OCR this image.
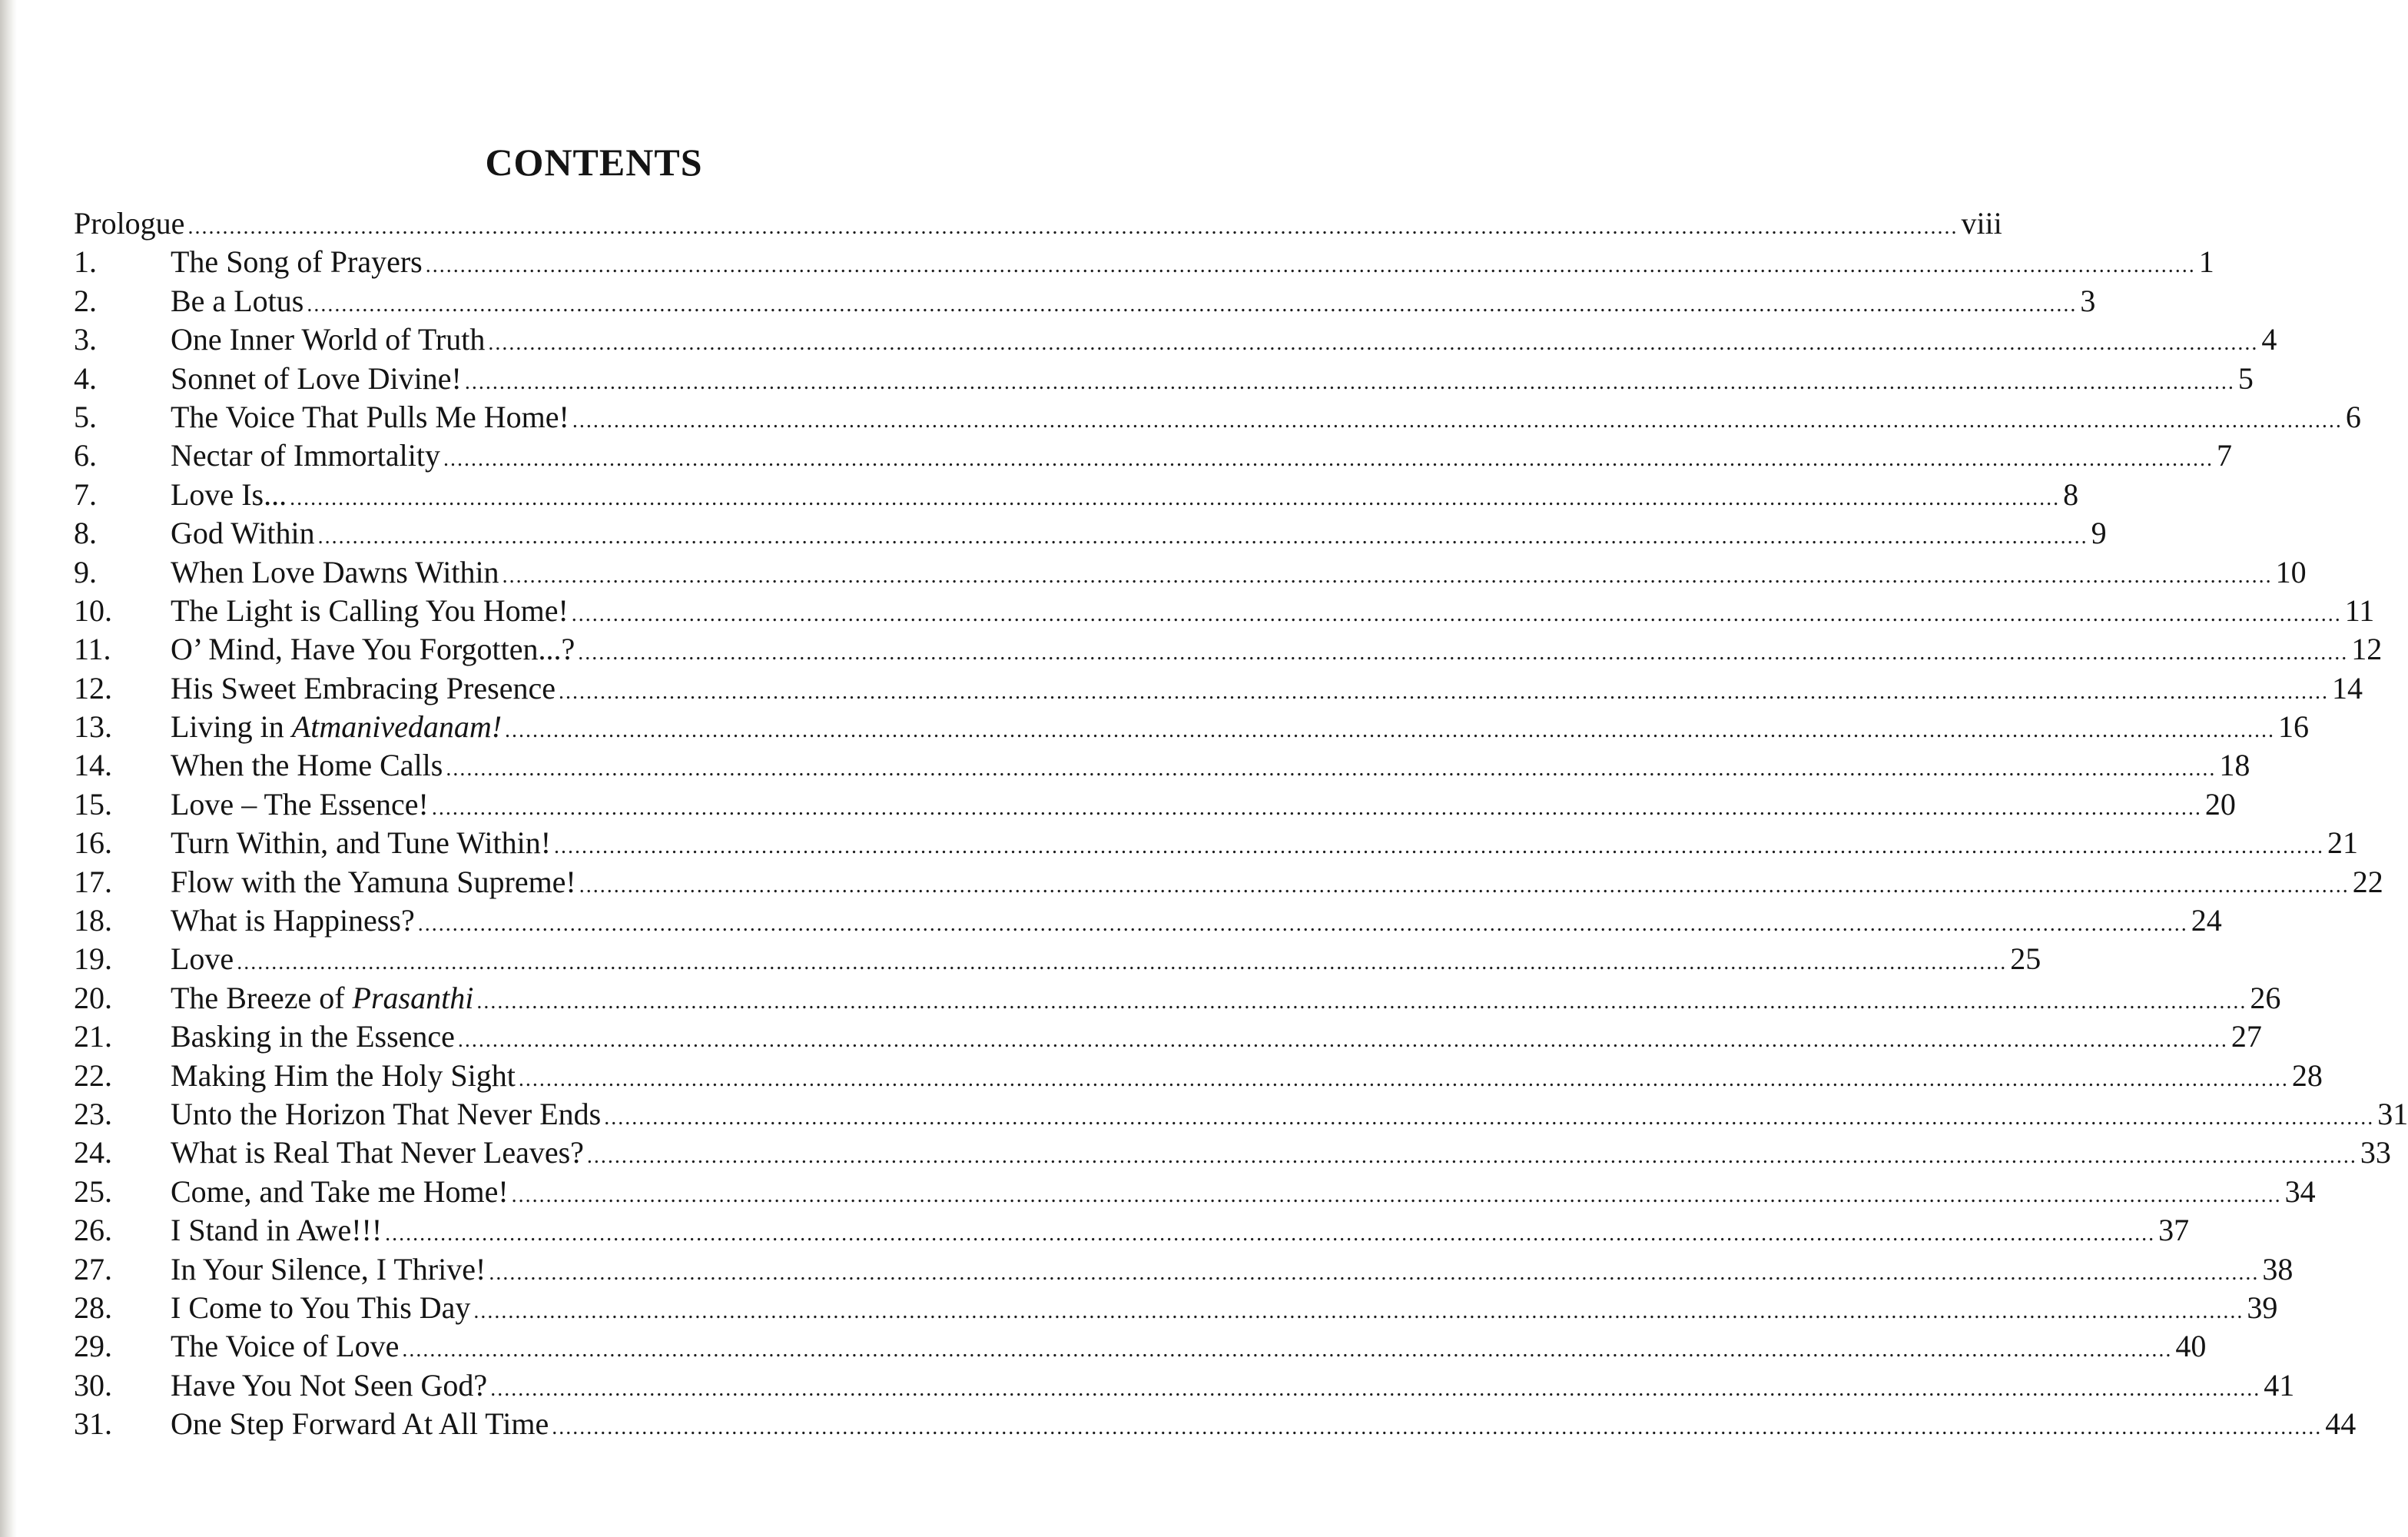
CONTENTS
Prologue ................................................................................................................................................................................................................................................................ viii
1.	The Song of Prayers ................................................................................................................................................................................................................................................................ 1
2.	Be a Lotus ................................................................................................................................................................................................................................................................ 3
3.	One Inner World of Truth ................................................................................................................................................................................................................................................................ 4
4.	Sonnet of Love Divine! ................................................................................................................................................................................................................................................................ 5
5.	The Voice That Pulls Me Home! ................................................................................................................................................................................................................................................................ 6
6.	Nectar of Immortality ................................................................................................................................................................................................................................................................ 7
7.	Love Is... ................................................................................................................................................................................................................................................................ 8
8.	God Within ................................................................................................................................................................................................................................................................ 9
9.	When Love Dawns Within ................................................................................................................................................................................................................................................................ 10
10.	The Light is Calling You Home! ................................................................................................................................................................................................................................................................ 11
11.	O’ Mind, Have You Forgotten...? ................................................................................................................................................................................................................................................................ 12
12.	His Sweet Embracing Presence ................................................................................................................................................................................................................................................................ 14
13.	Living in Atmanivedanam! ................................................................................................................................................................................................................................................................ 16
14.	When the Home Calls ................................................................................................................................................................................................................................................................ 18
15.	Love – The Essence! ................................................................................................................................................................................................................................................................ 20
16.	Turn Within, and Tune Within! ................................................................................................................................................................................................................................................................ 21
17.	Flow with the Yamuna Supreme! ................................................................................................................................................................................................................................................................ 22
18.	What is Happiness? ................................................................................................................................................................................................................................................................ 24
19.	Love ................................................................................................................................................................................................................................................................ 25
20.	The Breeze of Prasanthi ................................................................................................................................................................................................................................................................ 26
21.	Basking in the Essence ................................................................................................................................................................................................................................................................ 27
22.	Making Him the Holy Sight ................................................................................................................................................................................................................................................................ 28
23.	Unto the Horizon That Never Ends ................................................................................................................................................................................................................................................................ 31
24.	What is Real That Never Leaves? ................................................................................................................................................................................................................................................................ 33
25.	Come, and Take me Home! ................................................................................................................................................................................................................................................................ 34
26.	I Stand in Awe!!! ................................................................................................................................................................................................................................................................ 37
27.	In Your Silence, I Thrive! ................................................................................................................................................................................................................................................................ 38
28.	I Come to You This Day ................................................................................................................................................................................................................................................................ 39
29.	The Voice of Love ................................................................................................................................................................................................................................................................ 40
30.	Have You Not Seen God? ................................................................................................................................................................................................................................................................ 41
31.	One Step Forward At All Time ................................................................................................................................................................................................................................................................ 44
